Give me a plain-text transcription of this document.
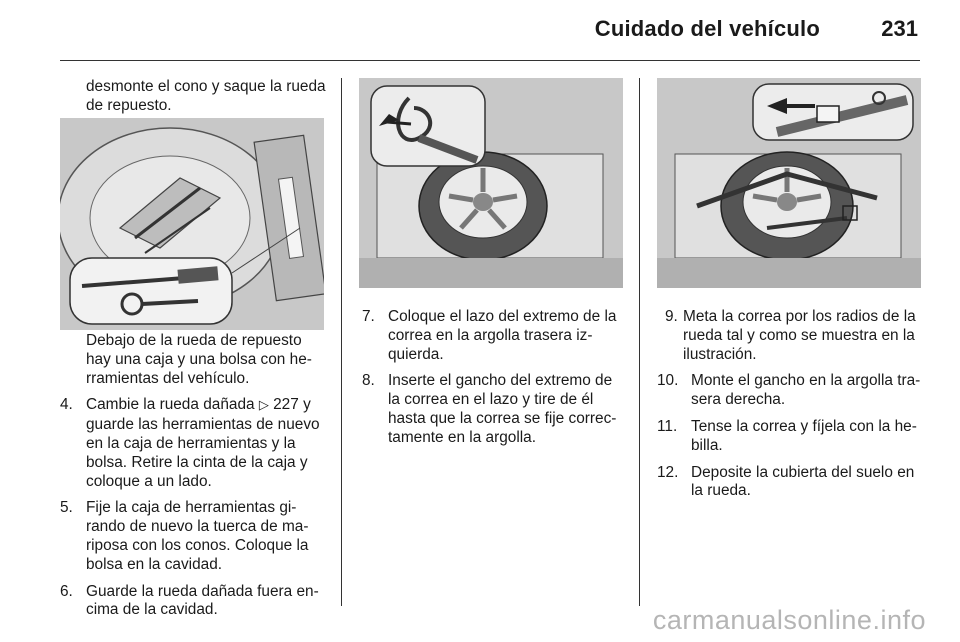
Cuidado del vehículo	231

desmonte el cono y saque la rueda de repuesto.

Debajo de la rueda de repuesto hay una caja y una bolsa con he-rramientas del vehículo.

4. Cambie la rueda dañada ▷ 227 y guarde las herramientas de nuevo en la caja de herramientas y la bolsa. Retire la cinta de la caja y coloque a un lado.
5. Fije la caja de herramientas gi-rando de nuevo la tuerca de ma-riposa con los conos. Coloque la bolsa en la cavidad.
6. Guarde la rueda dañada fuera en-cima de la cavidad.
7. Coloque el lazo del extremo de la correa en la argolla trasera iz-quierda.
8. Inserte el gancho del extremo de la correa en el lazo y tire de él hasta que la correa se fije correc-tamente en la argolla.
9. Meta la correa por los radios de la rueda tal y como se muestra en la ilustración.
10. Monte el gancho en la argolla tra-sera derecha.
11. Tense la correa y fíjela con la he-billa.
12. Deposite la cubierta del suelo en la rueda.
carmanualsonline.info
